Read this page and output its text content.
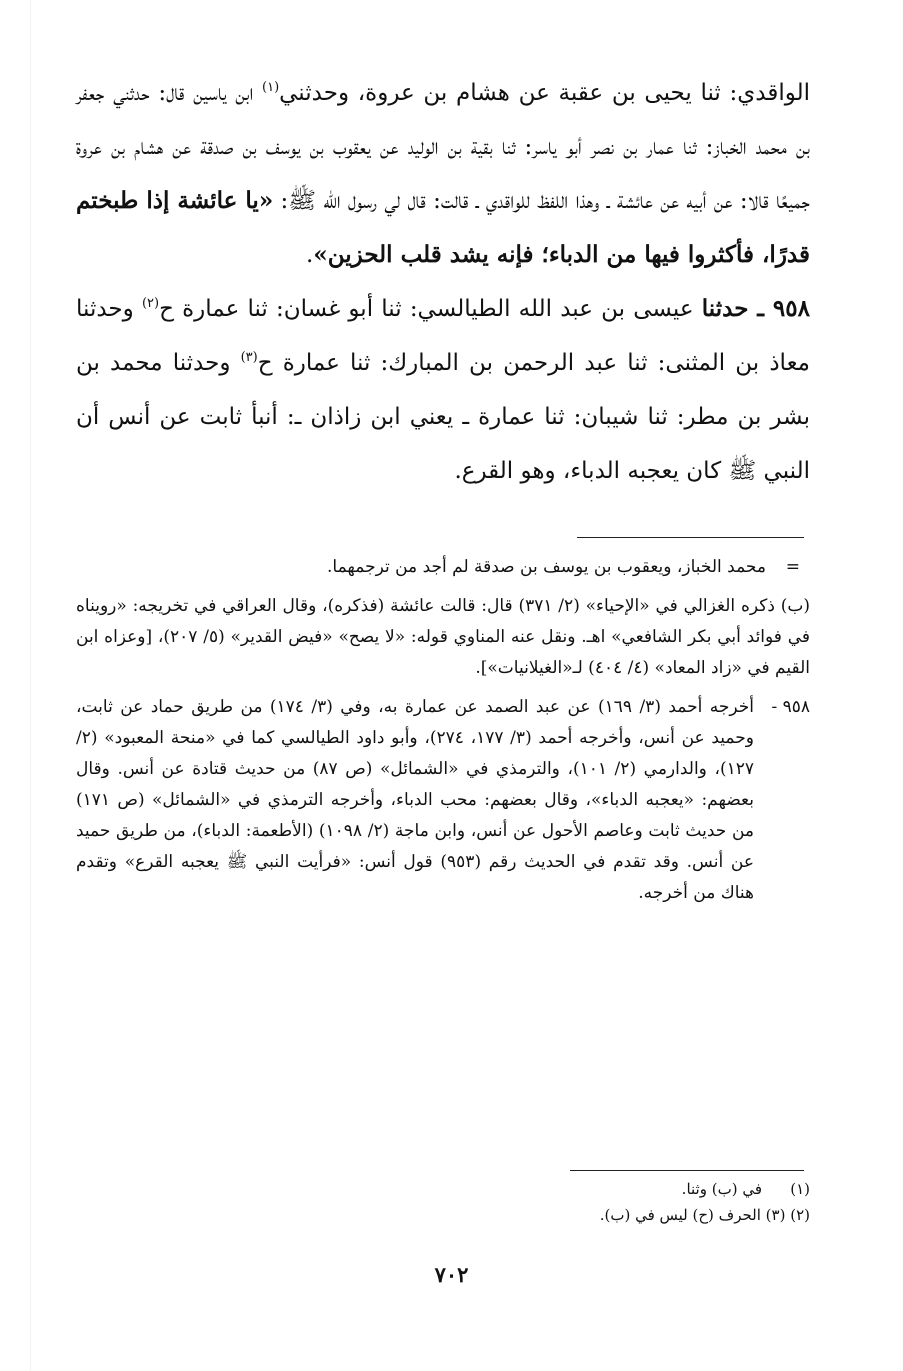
الواقدي: ثنا يحيى بن عقبة عن هشام بن عروة، وحدثني$^{(١)}$ ابن ياسين قال: حدثني جعفر بن محمد الخباز: ثنا عمار بن نصر أبو ياسر: ثنا بقية بن الوليد عن يعقوب بن يوسف بن صدقة عن هشام بن عروة جميعًا قالا: عن أبيه عن عائشة ـ وهذا اللفظ للواقدي ـ قالت: قال لي رسول الله ﷺ: «يا عائشة إذا طبختم قدرًا، فأكثروا فيها من الدباء؛ فإنه يشد قلب الحزين».

٩٥٨ ـ حدثنا عيسى بن عبد الله الطيالسي: ثنا أبو غسان: ثنا عمارة ح$^{(٢)}$ وحدثنا معاذ بن المثنى: ثنا عبد الرحمن بن المبارك: ثنا عمارة ح$^{(٣)}$ وحدثنا محمد بن بشر بن مطر: ثنا شيبان: ثنا عمارة ـ يعني ابن زاذان ـ: أنبأ ثابت عن أنس أن النبي ﷺ كان يعجبه الدباء، وهو القرع.

=
محمد الخباز، ويعقوب بن يوسف بن صدقة لم أجد من ترجمهما.
(ب) ذكره الغزالي في «الإحياء» (٢/ ٣٧١) قال: قالت عائشة (فذكره)، وقال العراقي في تخريجه: «رويناه في فوائد أبي بكر الشافعي» اهـ. ونقل عنه المناوي قوله: «لا يصح» «فيض القدير» (٥/ ٢٠٧)، [وعزاه ابن القيم في «زاد المعاد» (٤/ ٤٠٤) لـ«الغيلانيات»].
٩٥٨ -
أخرجه أحمد (٣/ ١٦٩) عن عبد الصمد عن عمارة به، وفي (٣/ ١٧٤) من طريق حماد عن ثابت، وحميد عن أنس، وأخرجه أحمد (٣/ ١٧٧، ٢٧٤)، وأبو داود الطيالسي كما في «منحة المعبود» (٢/ ١٢٧)، والدارمي (٢/ ١٠١)، والترمذي في «الشمائل» (ص ٨٧) من حديث قتادة عن أنس. وقال بعضهم: «يعجبه الدباء»، وقال بعضهم: محب الدباء، وأخرجه الترمذي في «الشمائل» (ص ١٧١) من حديث ثابت وعاصم الأحول عن أنس، وابن ماجة (٢/ ١٠٩٨) (الأطعمة: الدباء)، من طريق حميد عن أنس. وقد تقدم في الحديث رقم (٩٥٣) قول أنس: «فرأيت النبي ﷺ يعجبه القرع» وتقدم هناك من أخرجه.
(١)
في (ب) وثنا.
(٢) (٣) الحرف (ح) ليس في (ب).
٧٠٢
